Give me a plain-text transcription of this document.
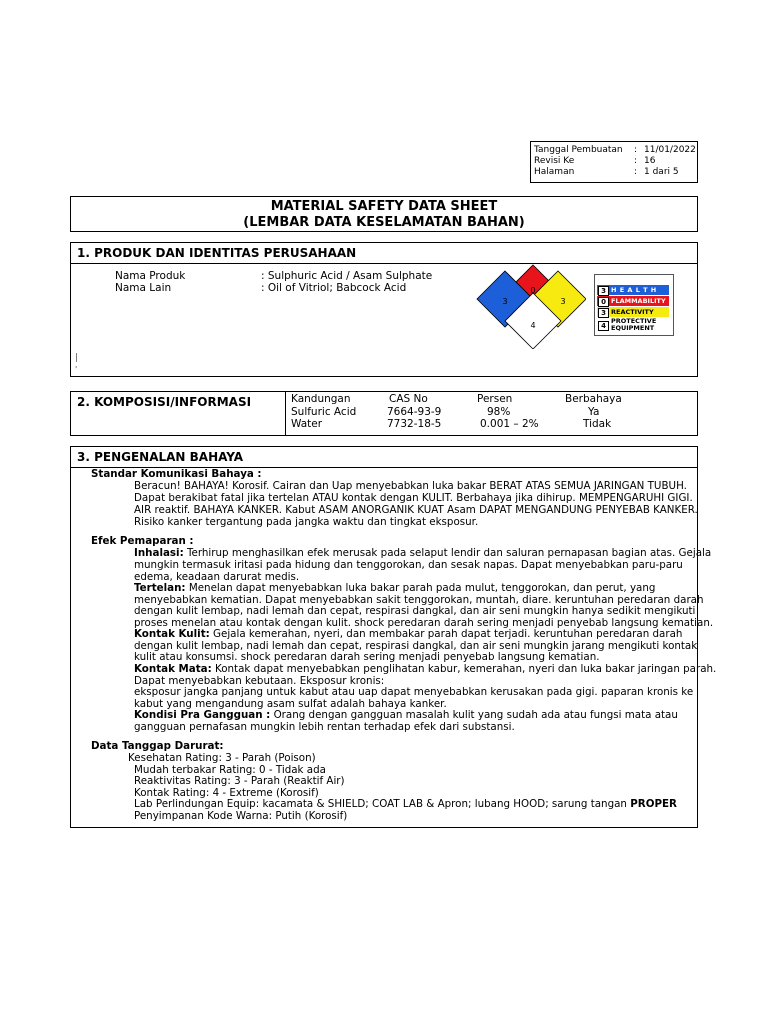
Tanggal Pembuatan : 11/01/2022
Revisi Ke	: 16
Halaman	: 1 dari 5
MATERIAL SAFETY DATA SHEET
(LEMBAR DATA KESELAMATAN BAHAN)
1. PRODUK DAN IDENTITAS PERUSAHAAN
Nama Produk	: Sulphuric Acid / Asam Sulphate
Nama Lain	: Oil of Vitriol; Babcock Acid	0
3	3
4
|
'
3 H E A L T H
0 FLAMMABILITY
3 REACTIVITY
4
PROTECTIVE EQUIPMENT
2. KOMPOSISI/INFORMASI	Kandungan	CAS No	Persen	Berbahaya
Sulfuric Acid	7664-93-9	98%	Ya
Water	7732-18-5	0.001 – 2%	Tidak
3. PENGENALAN BAHAYA
Standar Komunikasi Bahaya :
Beracun! BAHAYA! Korosif. Cairan dan Uap menyebabkan luka bakar BERAT ATAS SEMUA JARINGAN TUBUH.
Dapat berakibat fatal jika tertelan ATAU kontak dengan KULIT. Berbahaya jika dihirup. MEMPENGARUHI GIGI.
AIR reaktif. BAHAYA KANKER. Kabut ASAM ANORGANIK KUAT Asam DAPAT MENGANDUNG PENYEBAB KANKER.
Risiko kanker tergantung pada jangka waktu dan tingkat eksposur.
Efek Pemaparan :
Inhalasi: Terhirup menghasilkan efek merusak pada selaput lendir dan saluran pernapasan bagian atas. Gejala
mungkin termasuk iritasi pada hidung dan tenggorokan, dan sesak napas. Dapat menyebabkan paru-paru
edema, keadaan darurat medis.
Tertelan: Menelan dapat menyebabkan luka bakar parah pada mulut, tenggorokan, dan perut, yang
menyebabkan kematian. Dapat menyebabkan sakit tenggorokan, muntah, diare. keruntuhan peredaran darah
dengan kulit lembap, nadi lemah dan cepat, respirasi dangkal, dan air seni mungkin hanya sedikit mengikuti
proses menelan atau kontak dengan kulit. shock peredaran darah sering menjadi penyebab langsung kematian.
Kontak Kulit: Gejala kemerahan, nyeri, dan membakar parah dapat terjadi. keruntuhan peredaran darah
dengan kulit lembap, nadi lemah dan cepat, respirasi dangkal, dan air seni mungkin jarang mengikuti kontak
kulit atau konsumsi. shock peredaran darah sering menjadi penyebab langsung kematian.
Kontak Mata: Kontak dapat menyebabkan penglihatan kabur, kemerahan, nyeri dan luka bakar jaringan parah.
Dapat menyebabkan kebutaan. Eksposur kronis:
eksposur jangka panjang untuk kabut atau uap dapat menyebabkan kerusakan pada gigi. paparan kronis ke
kabut yang mengandung asam sulfat adalah bahaya kanker.
Kondisi Pra Gangguan : Orang dengan gangguan masalah kulit yang sudah ada atau fungsi mata atau
gangguan pernafasan mungkin lebih rentan terhadap efek dari substansi.
Data Tanggap Darurat:
Kesehatan Rating: 3 - Parah (Poison)
Mudah terbakar Rating: 0 - Tidak ada
Reaktivitas Rating: 3 - Parah (Reaktif Air)
Kontak Rating: 4 - Extreme (Korosif)
Lab Perlindungan Equip: kacamata & SHIELD; COAT LAB & Apron; lubang HOOD; sarung tangan PROPER
Penyimpanan Kode Warna: Putih (Korosif)
